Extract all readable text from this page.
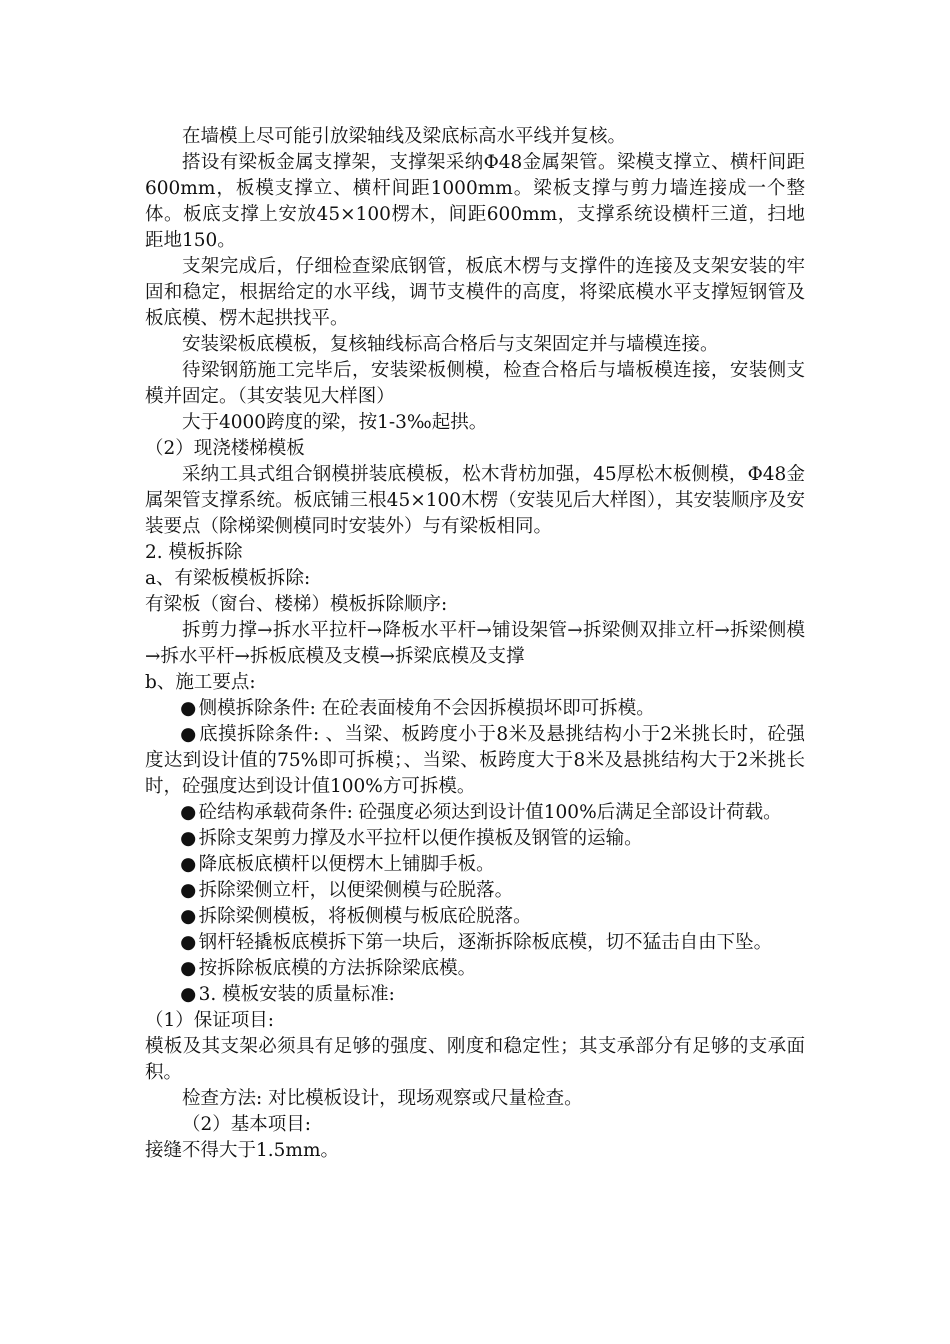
在墙模上尽可能引放梁轴线及梁底标高水平线并复核。

搭设有梁板金属支撑架，支撑架采纳Φ48金属架管。梁模支撑立、横杆间距600mm，板模支撑立、横杆间距1000mm。梁板支撑与剪力墙连接成一个整体。板底支撑上安放45×100楞木，间距600mm，支撑系统设横杆三道，扫地距地150。

支架完成后，仔细检查梁底钢管，板底木楞与支撑件的连接及支架安装的牢固和稳定，根据给定的水平线，调节支模件的高度，将梁底模水平支撑短钢管及板底模、楞木起拱找平。

安装梁板底模板，复核轴线标高合格后与支架固定并与墙模连接。

待梁钢筋施工完毕后，安装梁板侧模，检查合格后与墙板模连接，安装侧支模并固定。（其安装见大样图）

大于4000跨度的梁，按1-3‰起拱。

（2）现浇楼梯模板

采纳工具式组合钢模拼装底模板，松木背枋加强，45厚松木板侧模，Φ48金属架管支撑系统。板底铺三根45×100木楞（安装见后大样图），其安装顺序及安装要点（除梯梁侧模同时安装外）与有梁板相同。

2. 模板拆除

a、有梁板模板拆除:

有梁板（窗台、楼梯）模板拆除顺序:

拆剪力撑→拆水平拉杆→降板水平杆→铺设架管→拆梁侧双排立杆→拆梁侧模→拆水平杆→拆板底模及支模→拆梁底模及支撑

b、施工要点:

● 侧模拆除条件: 在砼表面棱角不会因拆模损坏即可拆模。

● 底摸拆除条件: 、当梁、板跨度小于8米及悬挑结构小于2米挑长时，砼强度达到设计值的75%即可拆模；、当梁、板跨度大于8米及悬挑结构大于2米挑长时，砼强度达到设计值100%方可拆模。

● 砼结构承载荷条件: 砼强度必须达到设计值100%后满足全部设计荷载。

● 拆除支架剪力撑及水平拉杆以便作摸板及钢管的运输。

● 降底板底横杆以便楞木上铺脚手板。

● 拆除梁侧立杆，以便梁侧模与砼脱落。

● 拆除梁侧模板，将板侧模与板底砼脱落。

● 钢杆轻撬板底模拆下第一块后，逐渐拆除板底模，切不猛击自由下坠。

● 按拆除板底模的方法拆除梁底模。

● 3. 模板安装的质量标准:

（1）保证项目:

模板及其支架必须具有足够的强度、刚度和稳定性；其支承部分有足够的支承面积。

检查方法: 对比模板设计，现场观察或尺量检查。

（2）基本项目:

接缝不得大于1.5mm。
